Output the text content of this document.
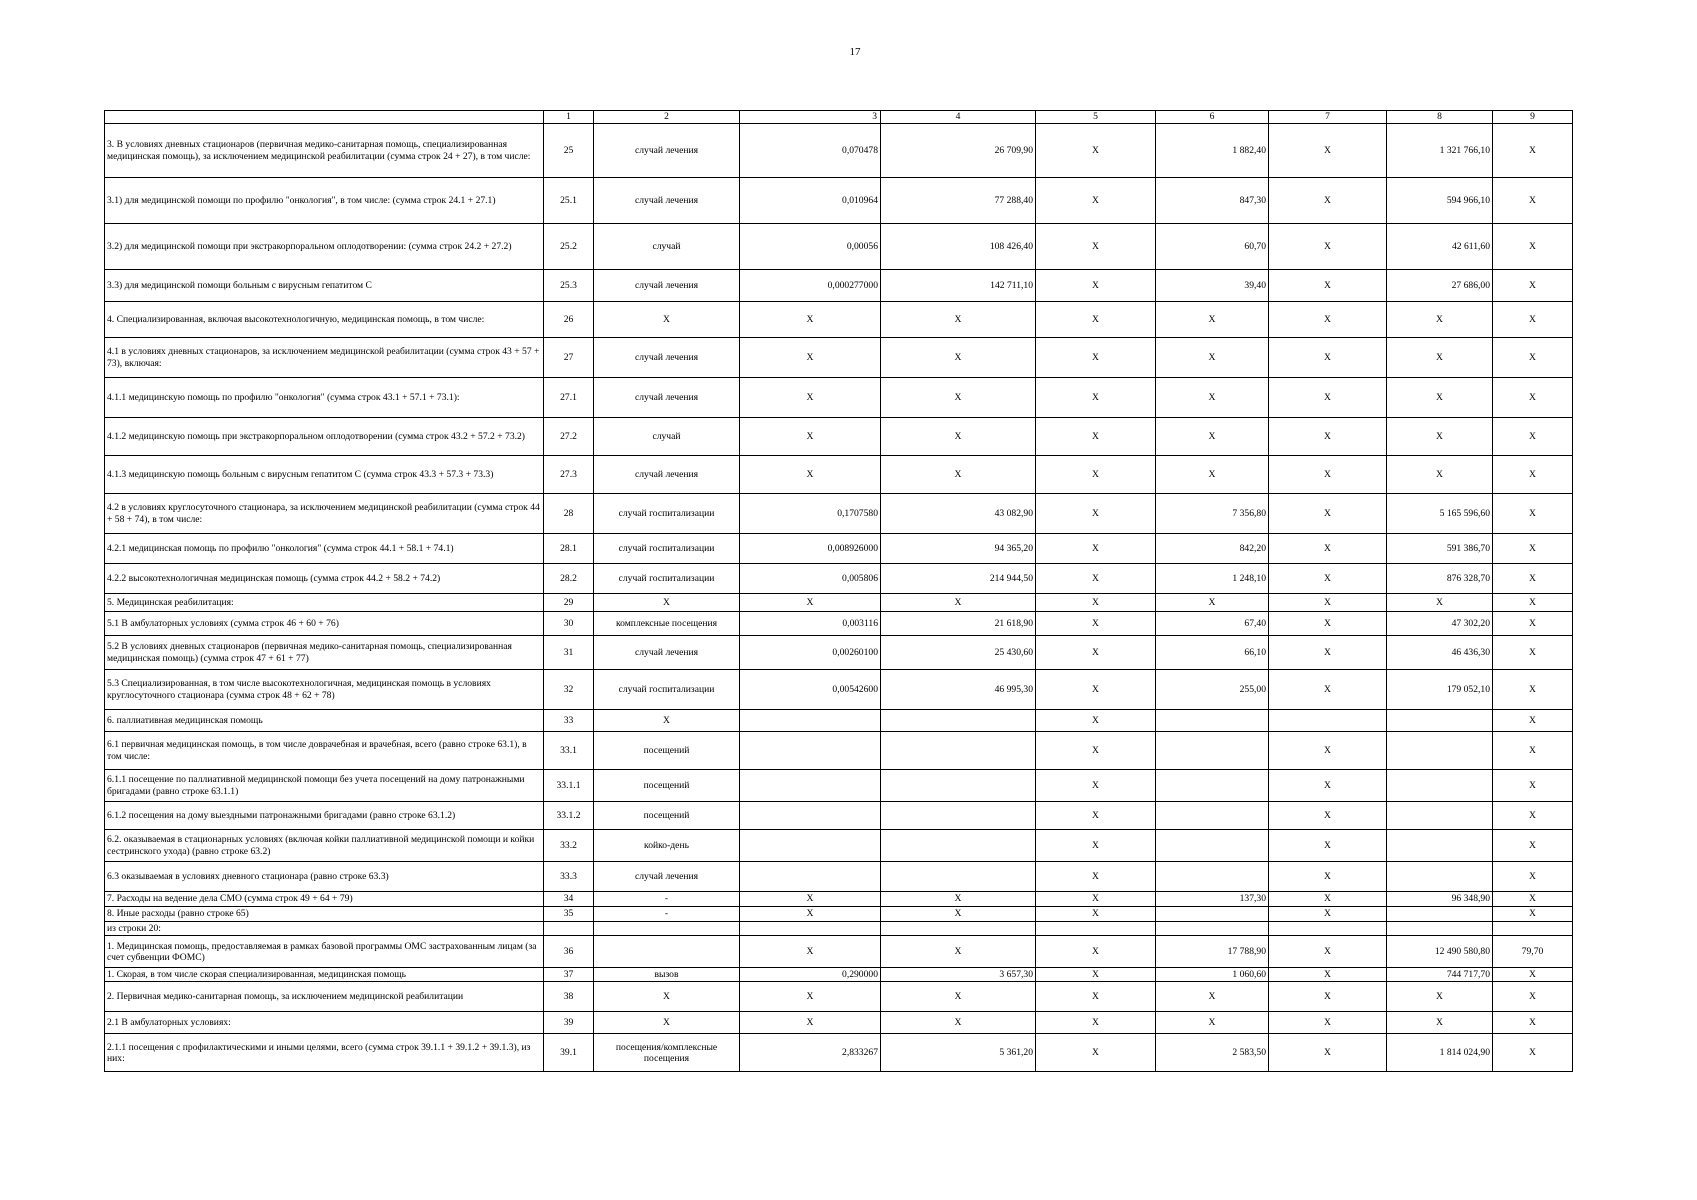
17
	1	2	3	4	5	6	7	8	9
3. В условиях дневных стационаров (первичная медико-санитарная помощь, специализированная медицинская помощь), за исключением медицинской реабилитации (сумма строк 24 + 27), в том числе:	25	случай лечения	0,070478	26 709,90	X	1 882,40	X	1 321 766,10	X
3.1) для медицинской помощи по профилю "онкология", в том числе: (сумма строк 24.1 + 27.1)	25.1	случай лечения	0,010964	77 288,40	X	847,30	X	594 966,10	X
3.2) для медицинской помощи при экстракорпоральном оплодотворении: (сумма строк 24.2 + 27.2)	25.2	случай	0,00056	108 426,40	X	60,70	X	42 611,60	X
3.3) для медицинской помощи больным с вирусным гепатитом С	25.3	случай лечения	0,000277000	142 711,10	X	39,40	X	27 686,00	X
4. Специализированная, включая высокотехнологичную, медицинская помощь, в том числе:	26	X	X	X	X	X	X	X	X
4.1 в условиях дневных стационаров, за исключением медицинской реабилитации (сумма строк 43 + 57 + 73), включая:	27	случай лечения	X	X	X	X	X	X	X
4.1.1 медицинскую помощь по профилю "онкология" (сумма строк 43.1 + 57.1 + 73.1):	27.1	случай лечения	X	X	X	X	X	X	X
4.1.2 медицинскую помощь при экстракорпоральном оплодотворении (сумма строк 43.2 + 57.2 + 73.2)	27.2	случай	X	X	X	X	X	X	X
4.1.3 медицинскую помощь больным с вирусным гепатитом С (сумма строк 43.3 + 57.3 + 73.3)	27.3	случай лечения	X	X	X	X	X	X	X
4.2 в условиях круглосуточного стационара, за исключением медицинской реабилитации (сумма строк 44 + 58 + 74), в том числе:	28	случай госпитализации	0,1707580	43 082,90	X	7 356,80	X	5 165 596,60	X
4.2.1 медицинская помощь по профилю "онкология" (сумма строк 44.1 + 58.1 + 74.1)	28.1	случай госпитализации	0,008926000	94 365,20	X	842,20	X	591 386,70	X
4.2.2 высокотехнологичная медицинская помощь (сумма строк 44.2 + 58.2 + 74.2)	28.2	случай госпитализации	0,005806	214 944,50	X	1 248,10	X	876 328,70	X
5. Медицинская реабилитация:	29	X	X	X	X	X	X	X	X
5.1 В амбулаторных условиях (сумма строк 46 + 60 + 76)	30	комплексные посещения	0,003116	21 618,90	X	67,40	X	47 302,20	X
5.2 В условиях дневных стационаров (первичная медико-санитарная помощь, специализированная медицинская помощь) (сумма строк 47 + 61 + 77)	31	случай лечения	0,00260100	25 430,60	X	66,10	X	46 436,30	X
5.3 Специализированная, в том числе высокотехнологичная, медицинская помощь в условиях круглосуточного стационара (сумма строк 48 + 62 + 78)	32	случай госпитализации	0,00542600	46 995,30	X	255,00	X	179 052,10	X
6. паллиативная медицинская помощь	33	X			X				X
6.1 первичная медицинская помощь, в том числе доврачебная и врачебная, всего (равно строке 63.1), в том числе:	33.1	посещений			X		X		X
6.1.1 посещение по паллиативной медицинской помощи без учета посещений на дому патронажными бригадами (равно строке 63.1.1)	33.1.1	посещений			X		X		X
6.1.2 посещения на дому выездными патронажными бригадами (равно строке 63.1.2)	33.1.2	посещений			X		X		X
6.2. оказываемая в стационарных условиях (включая койки паллиативной медицинской помощи и койки сестринского ухода) (равно строке 63.2)	33.2	койко-день			X		X		X
6.3 оказываемая в условиях дневного стационара (равно строке 63.3)	33.3	случай лечения			X		X		X
7. Расходы на ведение дела СМО (сумма строк 49 + 64 + 79)	34	-	X	X	X	137,30	X	96 348,90	X
8. Иные расходы (равно строке 65)	35	-	X	X	X		X		X
из строки 20:									
1. Медицинская помощь, предоставляемая в рамках базовой программы ОМС застрахованным лицам (за счет субвенции ФОМС)	36		X	X	X	17 788,90	X	12 490 580,80	79,70
1. Скорая, в том числе скорая специализированная, медицинская помощь	37	вызов	0,290000	3 657,30	X	1 060,60	X	744 717,70	X
2. Первичная медико-санитарная помощь, за исключением медицинской реабилитации	38	X	X	X	X	X	X	X	X
2.1 В амбулаторных условиях:	39	X	X	X	X	X	X	X	X
2.1.1 посещения с профилактическими и иными целями, всего (сумма строк 39.1.1 + 39.1.2 + 39.1.3), из них:	39.1	посещения/комплексные посещения	2,833267	5 361,20	X	2 583,50	X	1 814 024,90	X
